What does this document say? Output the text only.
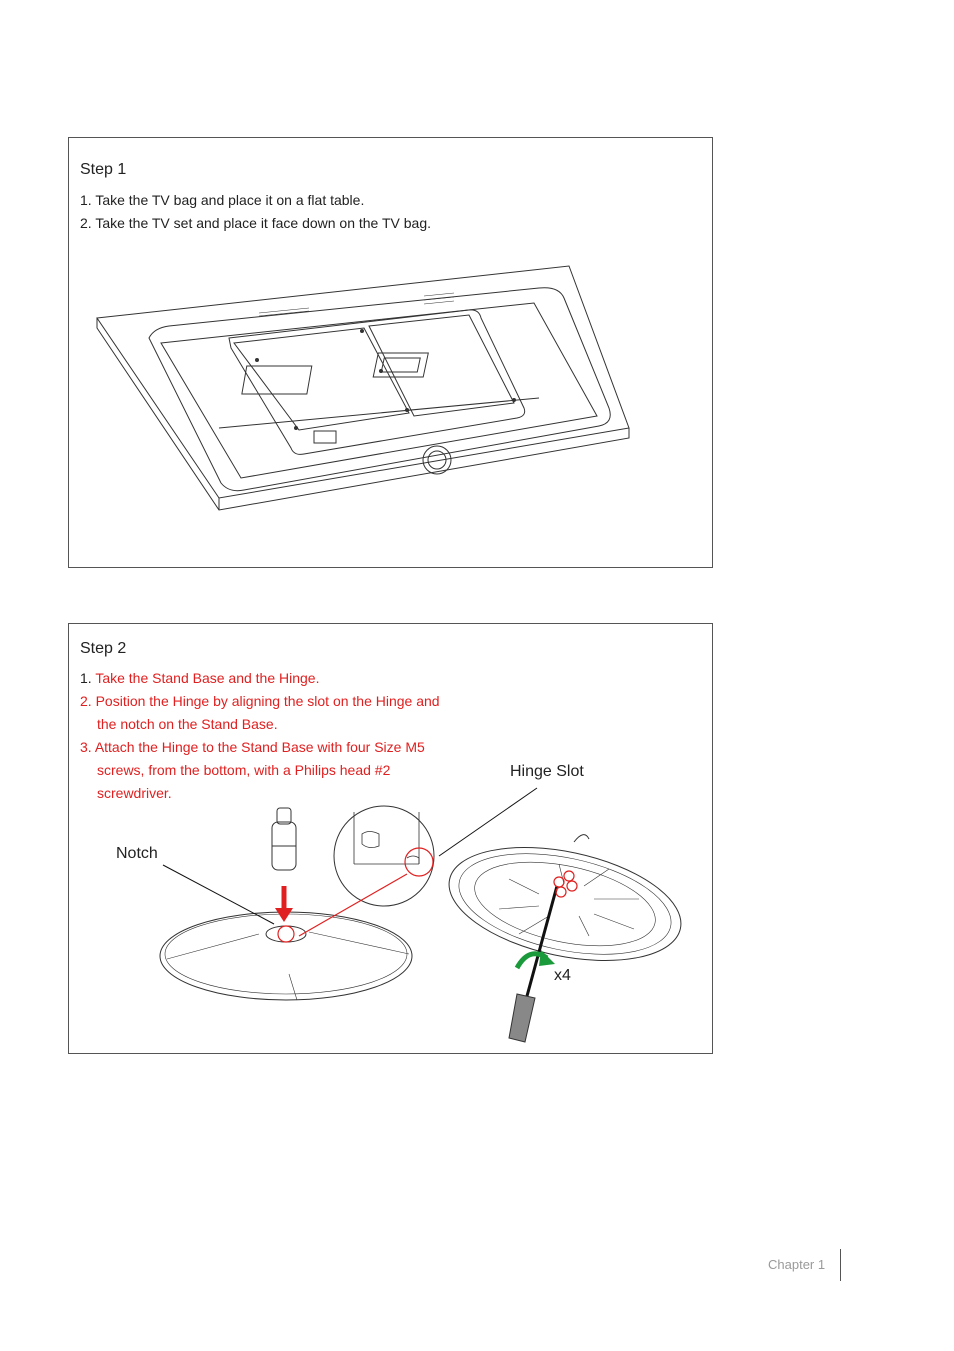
Step 1
1. Take the TV bag and place it on a flat table.
2. Take the TV set and place it face down on the TV bag.
Step 2
1. Take the Stand Base and the Hinge.
2. Position the Hinge by aligning the slot on the Hinge and
the notch on the Stand Base.
3. Attach the Hinge to the Stand Base with four Size M5
screws, from the bottom, with a Philips head #2
screwdriver.
Notch
Hinge Slot
x4
Chapter 1
